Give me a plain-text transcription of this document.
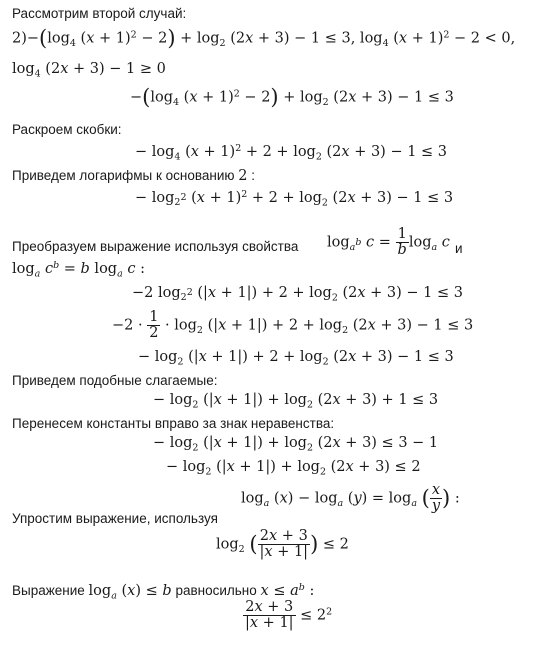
Рассмотрим второй случай:
$2)-(\log_4$ $(x + 1)^2 - 2) + \log_2 (2x + 3) - 1 \le 3$, $\log_4 (x + 1)^2 - 2 < 0$,
$\log_4 (2x + 3) - 1 \ge 0$
$-(\log_4$ $(x + 1)^2 - 2) + \log_2 (2x + 3) - 1 \le 3$
Раскроем скобки:
− $\log_4 (x + 1)^2 + 2 + \log_2 (2x + 3) - 1 \le 3$
Приведем логарифмы к основанию 2 :
− $\log_{2^2} (x + 1)^2 + 2 + \log_2 (2x + 3) - 1 \le 3$
Преобразуем выражение используя свойства $\log_{a^b} c = \frac{1}{b} \log_a c$ и
$\log_a c^b = b$ $\log_a c$ :
−2 $\log_{2^2} (|x + 1|) + 2 + \log_2 (2x + 3) - 1 \le 3$
$-2 \cdot \frac{1}{2} \cdot \log_2 (|x + 1|) + 2 + \log_2 (2x + 3) - 1 \le 3$
− $\log_2 (|x + 1|) + 2 + \log_2 (2x + 3) - 1 \le 3$
Приведем подобные слагаемые:
− $\log_2 (|x + 1|) + \log_2 (2x + 3) + 1 \le 3$
Перенесем константы вправо за знак неравенства:
− $\log_2 (|x + 1|) + \log_2 (2x + 3) \le 3 - 1$
− $\log_2 (|x + 1|) + \log_2 (2x + 3) \le 2$
$\log_a (x) - \log_a (y) = \log_a$ ( $\frac{x}{y}$ ) :
Упростим выражение, используя
$\log_2$ ( $\frac{2x + 3}{|x + 1|}$ ) ≤ 2
Выражение $\log_a (x) \le b$ равносильно $x \le a^b$ :
$\frac{2x + 3}{|x + 1|} \le 2^2$
